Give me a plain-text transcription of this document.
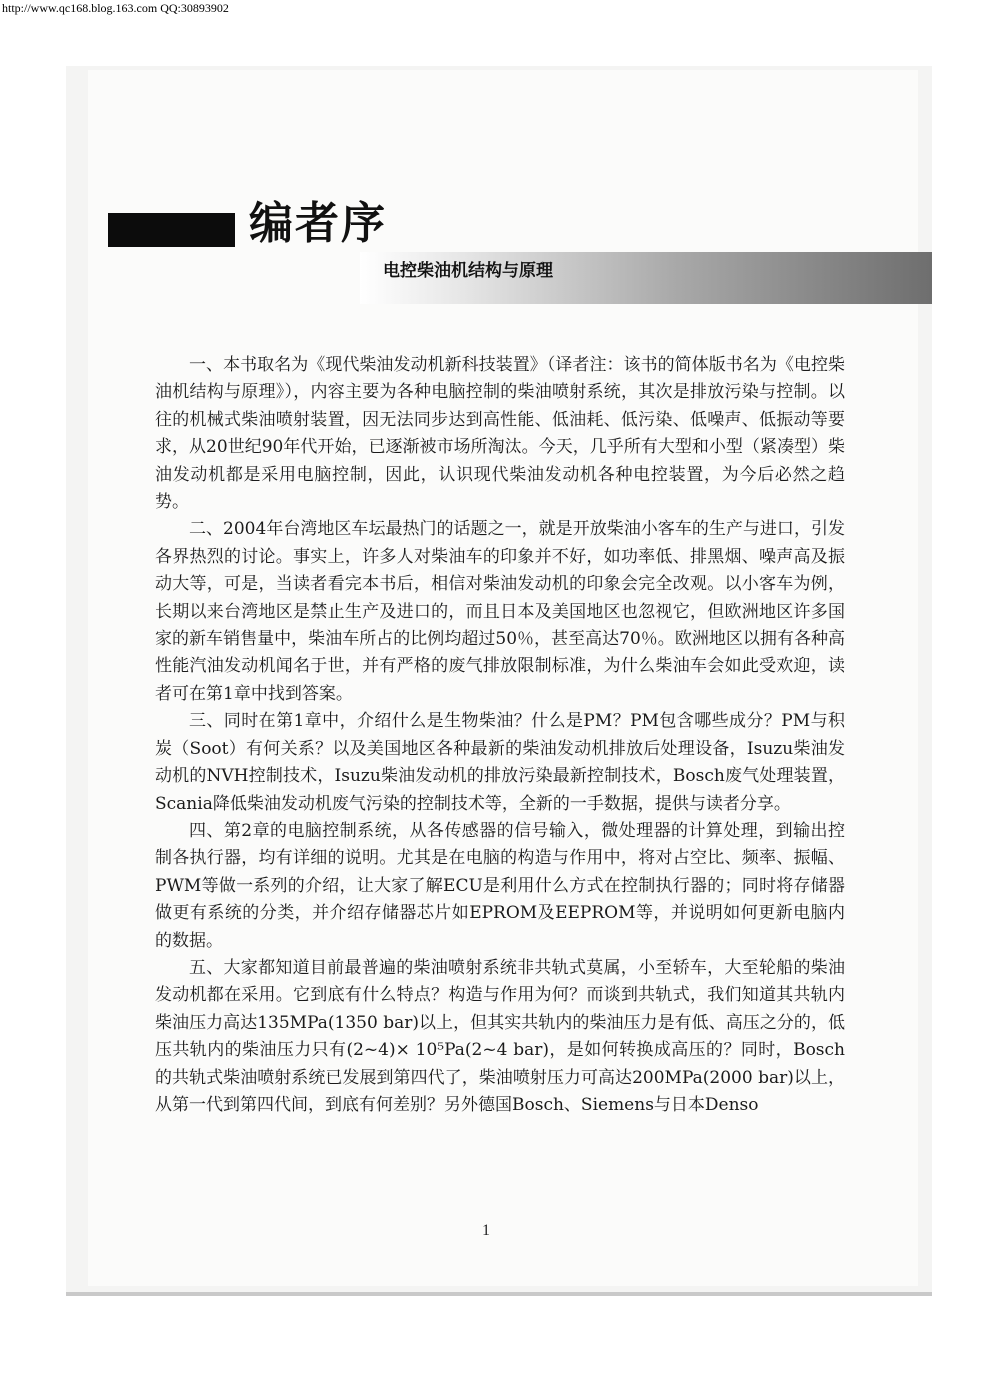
http://www.qc168.blog.163.com QQ:30893902
编者序
电控柴油机结构与原理

一、本书取名为《现代柴油发动机新科技装置》（译者注：该书的简体版书名为《电控柴油机结构与原理》），内容主要为各种电脑控制的柴油喷射系统，其次是排放污染与控制。以往的机械式柴油喷射装置，因无法同步达到高性能、低油耗、低污染、低噪声、低振动等要求，从20世纪90年代开始，已逐渐被市场所淘汰。今天，几乎所有大型和小型（紧凑型）柴油发动机都是采用电脑控制，因此，认识现代柴油发动机各种电控装置，为今后必然之趋势。

二、2004年台湾地区车坛最热门的话题之一，就是开放柴油小客车的生产与进口，引发各界热烈的讨论。事实上，许多人对柴油车的印象并不好，如功率低、排黑烟、噪声高及振动大等，可是，当读者看完本书后，相信对柴油发动机的印象会完全改观。以小客车为例，长期以来台湾地区是禁止生产及进口的，而且日本及美国地区也忽视它，但欧洲地区许多国家的新车销售量中，柴油车所占的比例均超过50％，甚至高达70％。欧洲地区以拥有各种高性能汽油发动机闻名于世，并有严格的废气排放限制标准，为什么柴油车会如此受欢迎，读者可在第1章中找到答案。

三、同时在第1章中，介绍什么是生物柴油？什么是PM？PM包含哪些成分？PM与积炭（Soot）有何关系？以及美国地区各种最新的柴油发动机排放后处理设备，Isuzu柴油发动机的NVH控制技术，Isuzu柴油发动机的排放污染最新控制技术，Bosch废气处理装置，Scania降低柴油发动机废气污染的控制技术等，全新的一手数据，提供与读者分享。

四、第2章的电脑控制系统，从各传感器的信号输入，微处理器的计算处理，到输出控制各执行器，均有详细的说明。尤其是在电脑的构造与作用中，将对占空比、频率、振幅、PWM等做一系列的介绍，让大家了解ECU是利用什么方式在控制执行器的；同时将存储器做更有系统的分类，并介绍存储器芯片如EPROM及EEPROM等，并说明如何更新电脑内的数据。

五、大家都知道目前最普遍的柴油喷射系统非共轨式莫属，小至轿车，大至轮船的柴油发动机都在采用。它到底有什么特点？构造与作用为何？而谈到共轨式，我们知道其共轨内柴油压力高达135MPa(1350 bar)以上，但其实共轨内的柴油压力是有低、高压之分的，低压共轨内的柴油压力只有(2~4)× 10⁵Pa(2~4 bar)，是如何转换成高压的？同时，Bosch的共轨式柴油喷射系统已发展到第四代了，柴油喷射压力可高达200MPa(2000 bar)以上，从第一代到第四代间，到底有何差别？另外德国Bosch、Siemens与日本Denso

1
